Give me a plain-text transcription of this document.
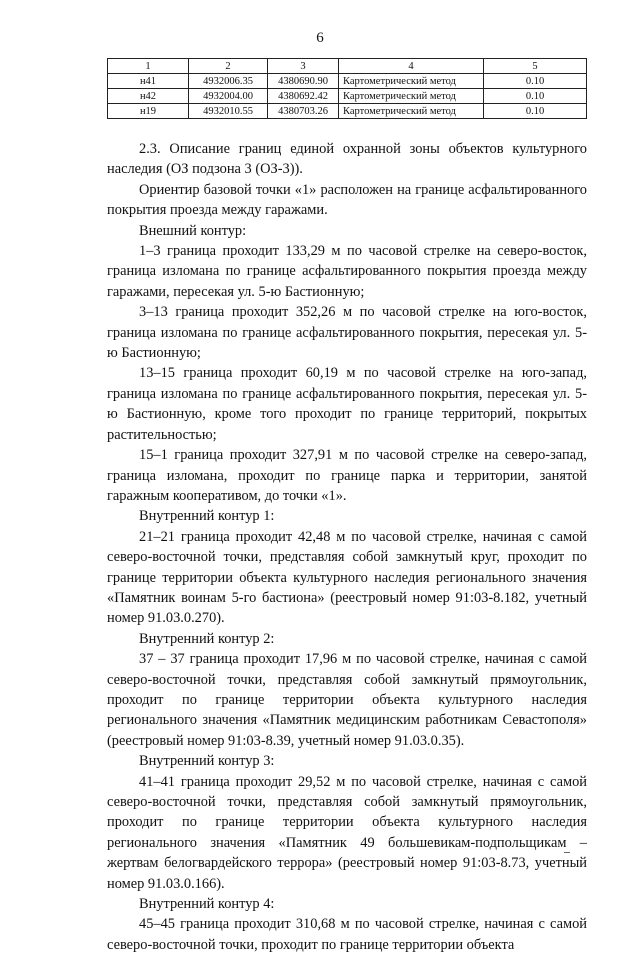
6
1	2	3	4	5
н41	4932006.35	4380690.90	Картометрический метод	0.10
н42	4932004.00	4380692.42	Картометрический метод	0.10
н19	4932010.55	4380703.26	Картометрический метод	0.10

2.3. Описание границ единой охранной зоны объектов культурного наследия (ОЗ подзона 3 (ОЗ-3)).

Ориентир базовой точки «1» расположен на границе асфальтированного покрытия проезда между гаражами.

Внешний контур:

1–3 граница проходит 133,29 м по часовой стрелке на северо-восток, граница изломана по границе асфальтированного покрытия проезда между гаражами, пересекая ул. 5-ю Бастионную;

3–13 граница проходит 352,26 м по часовой стрелке на юго-восток, граница изломана по границе асфальтированного покрытия, пересекая ул. 5-ю Бастионную;

13–15 граница проходит 60,19 м по часовой стрелке на юго-запад, граница изломана по границе асфальтированного покрытия, пересекая ул. 5-ю Бастионную, кроме того проходит по границе территорий, покрытых растительностью;

15–1 граница проходит 327,91 м по часовой стрелке на северо-запад, граница изломана, проходит по границе парка и территории, занятой гаражным кооперативом, до точки «1».

Внутренний контур 1:

21–21 граница проходит 42,48 м по часовой стрелке, начиная с самой северо-восточной точки, представляя собой замкнутый круг, проходит по границе территории объекта культурного наследия регионального значения «Памятник воинам 5-го бастиона» (реестровый номер 91:03-8.182, учетный номер 91.03.0.270).

Внутренний контур 2:

37 – 37 граница проходит 17,96 м по часовой стрелке, начиная с самой северо-восточной точки, представляя собой замкнутый прямоугольник, проходит по границе территории объекта культурного наследия регионального значения «Памятник медицинским работникам Севастополя» (реестровый номер 91:03-8.39, учетный номер 91.03.0.35).

Внутренний контур 3:

41–41 граница проходит 29,52 м по часовой стрелке, начиная с самой северо-восточной точки, представляя собой замкнутый прямоугольник, проходит по границе территории объекта культурного наследия регионального значения «Памятник 49 большевикам-подпольщикам – жертвам белогвардейского террора» (реестровый номер 91:03-8.73, учетный номер 91.03.0.166).

Внутренний контур 4:

45–45 граница проходит 310,68 м по часовой стрелке, начиная с самой северо-восточной точки, проходит по границе территории объекта
